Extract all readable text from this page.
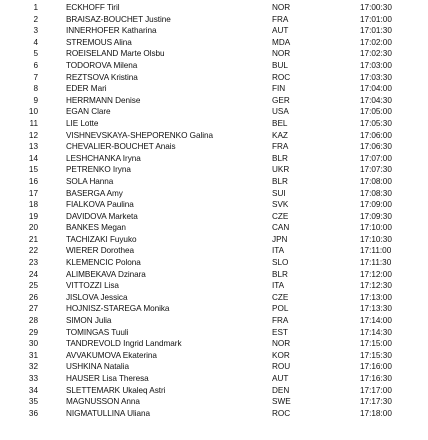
1	ECKHOFF Tiril	NOR	17:00:30
2	BRAISAZ-BOUCHET Justine	FRA	17:01:00
3	INNERHOFER Katharina	AUT	17:01:30
4	STREMOUS Alina	MDA	17:02:00
5	ROEISELAND Marte Olsbu	NOR	17:02:30
6	TODOROVA Milena	BUL	17:03:00
7	REZTSOVA Kristina	ROC	17:03:30
8	EDER Mari	FIN	17:04:00
9	HERRMANN Denise	GER	17:04:30
10	EGAN Clare	USA	17:05:00
11	LIE Lotte	BEL	17:05:30
12	VISHNEVSKAYA-SHEPORENKO Galina	KAZ	17:06:00
13	CHEVALIER-BOUCHET Anais	FRA	17:06:30
14	LESHCHANKA Iryna	BLR	17:07:00
15	PETRENKO Iryna	UKR	17:07:30
16	SOLA Hanna	BLR	17:08:00
17	BASERGA Amy	SUI	17:08:30
18	FIALKOVA Paulina	SVK	17:09:00
19	DAVIDOVA Marketa	CZE	17:09:30
20	BANKES Megan	CAN	17:10:00
21	TACHIZAKI Fuyuko	JPN	17:10:30
22	WIERER Dorothea	ITA	17:11:00
23	KLEMENCIC Polona	SLO	17:11:30
24	ALIMBEKAVA Dzinara	BLR	17:12:00
25	VITTOZZI Lisa	ITA	17:12:30
26	JISLOVA Jessica	CZE	17:13:00
27	HOJNISZ-STAREGA Monika	POL	17:13:30
28	SIMON Julia	FRA	17:14:00
29	TOMINGAS Tuuli	EST	17:14:30
30	TANDREVOLD Ingrid Landmark	NOR	17:15:00
31	AVVAKUMOVA Ekaterina	KOR	17:15:30
32	USHKINA Natalia	ROU	17:16:00
33	HAUSER Lisa Theresa	AUT	17:16:30
34	SLETTEMARK Ukaleq Astri	DEN	17:17:00
35	MAGNUSSON Anna	SWE	17:17:30
36	NIGMATULLINA Uliana	ROC	17:18:00
